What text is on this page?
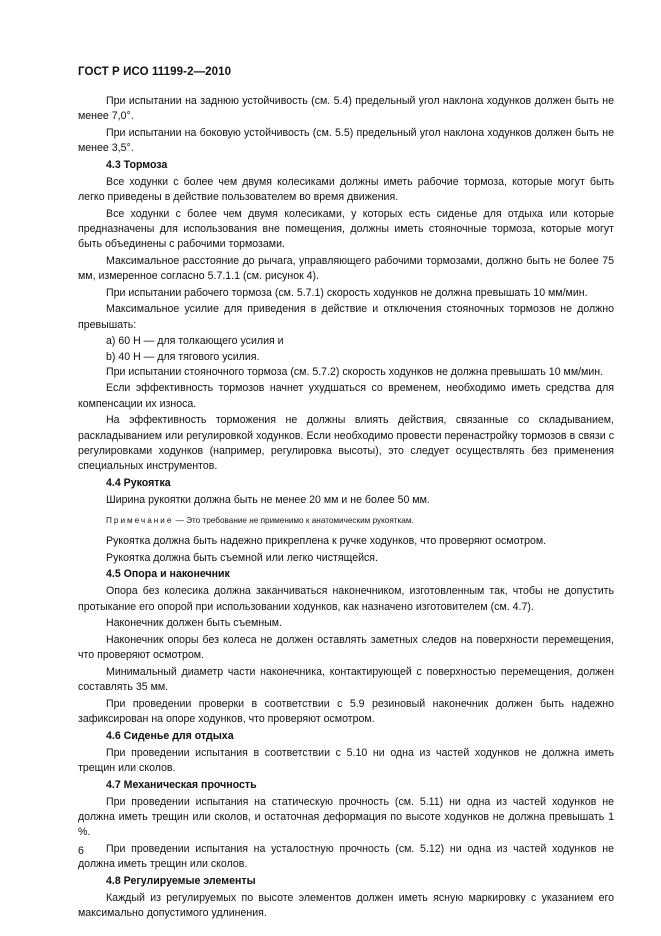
ГОСТ Р ИСО 11199-2—2010

При испытании на заднюю устойчивость (см. 5.4) предельный угол наклона ходунков должен быть не менее 7,0°.

При испытании на боковую устойчивость (см. 5.5) предельный угол наклона ходунков должен быть не менее 3,5°.

4.3 Тормоза

Все ходунки с более чем двумя колесиками должны иметь рабочие тормоза, которые могут быть легко приведены в действие пользователем во время движения.

Все ходунки с более чем двумя колесиками, у которых есть сиденье для отдыха или которые предназначены для использования вне помещения, должны иметь стояночные тормоза, которые могут быть объединены с рабочими тормозами.

Максимальное расстояние до рычага, управляющего рабочими тормозами, должно быть не более 75 мм, измеренное согласно 5.7.1.1 (см. рисунок 4).

При испытании рабочего тормоза (см. 5.7.1) скорость ходунков не должна превышать 10 мм/мин.

Максимальное усилие для приведения в действие и отключения стояночных тормозов не должно превышать:

a) 60 Н — для толкающего усилия и

b) 40 Н — для тягового усилия.

При испытании стояночного тормоза (см. 5.7.2) скорость ходунков не должна превышать 10 мм/мин.

Если эффективность тормозов начнет ухудшаться со временем, необходимо иметь средства для компенсации их износа.

На эффективность торможения не должны влиять действия, связанные со складыванием, раскладыванием или регулировкой ходунков. Если необходимо провести перенастройку тормозов в связи с регулировками ходунков (например, регулировка высоты), это следует осуществлять без применения специальных инструментов.

4.4 Рукоятка

Ширина рукоятки должна быть не менее 20 мм и не более 50 мм.

Примечание — Это требование не применимо к анатомическим рукояткам.

Рукоятка должна быть надежно прикреплена к ручке ходунков, что проверяют осмотром.

Рукоятка должна быть съемной или легко чистящейся.

4.5 Опора и наконечник

Опора без колесика должна заканчиваться наконечником, изготовленным так, чтобы не допустить протыкание его опорой при использовании ходунков, как назначено изготовителем (см. 4.7).

Наконечник должен быть съемным.

Наконечник опоры без колеса не должен оставлять заметных следов на поверхности перемещения, что проверяют осмотром.

Минимальный диаметр части наконечника, контактирующей с поверхностью перемещения, должен составлять 35 мм.

При проведении проверки в соответствии с 5.9 резиновый наконечник должен быть надежно зафиксирован на опоре ходунков, что проверяют осмотром.

4.6 Сиденье для отдыха

При проведении испытания в соответствии с 5.10 ни одна из частей ходунков не должна иметь трещин или сколов.

4.7 Механическая прочность

При проведении испытания на статическую прочность (см. 5.11) ни одна из частей ходунков не должна иметь трещин или сколов, и остаточная деформация по высоте ходунков не должна превышать 1 %.

При проведении испытания на усталостную прочность (см. 5.12) ни одна из частей ходунков не должна иметь трещин или сколов.

4.8 Регулируемые элементы

Каждый из регулируемых по высоте элементов должен иметь ясную маркировку с указанием его максимально допустимого удлинения.

6
